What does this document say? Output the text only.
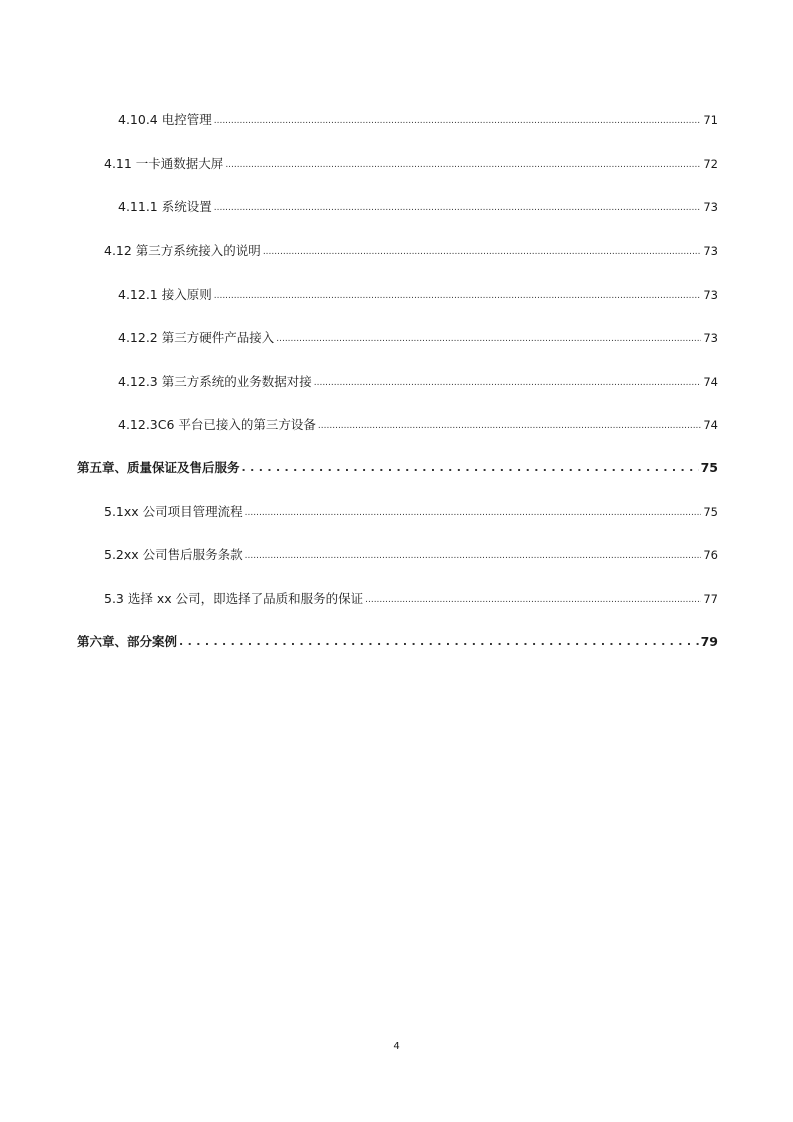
4.10.4 电控管理 .....	71
4.11 一卡通数据大屏 .....	72
4.11.1 系统设置 .....	73
4.12 第三方系统接入的说明 .....	73
4.12.1 接入原则 .....	73
4.12.2 第三方硬件产品接入 .....	73
4.12.3 第三方系统的业务数据对接 .....	74
4.12.3C6 平台已接入的第三方设备 .....	74
第五章、质量保证及售后服务 . . .	75
5.1xx 公司项目管理流程 .....	75
5.2xx 公司售后服务条款 .....	76
5.3 选择 xx 公司，即选择了品质和服务的保证 .....	77
第六章、部分案例 . . .	79
4
